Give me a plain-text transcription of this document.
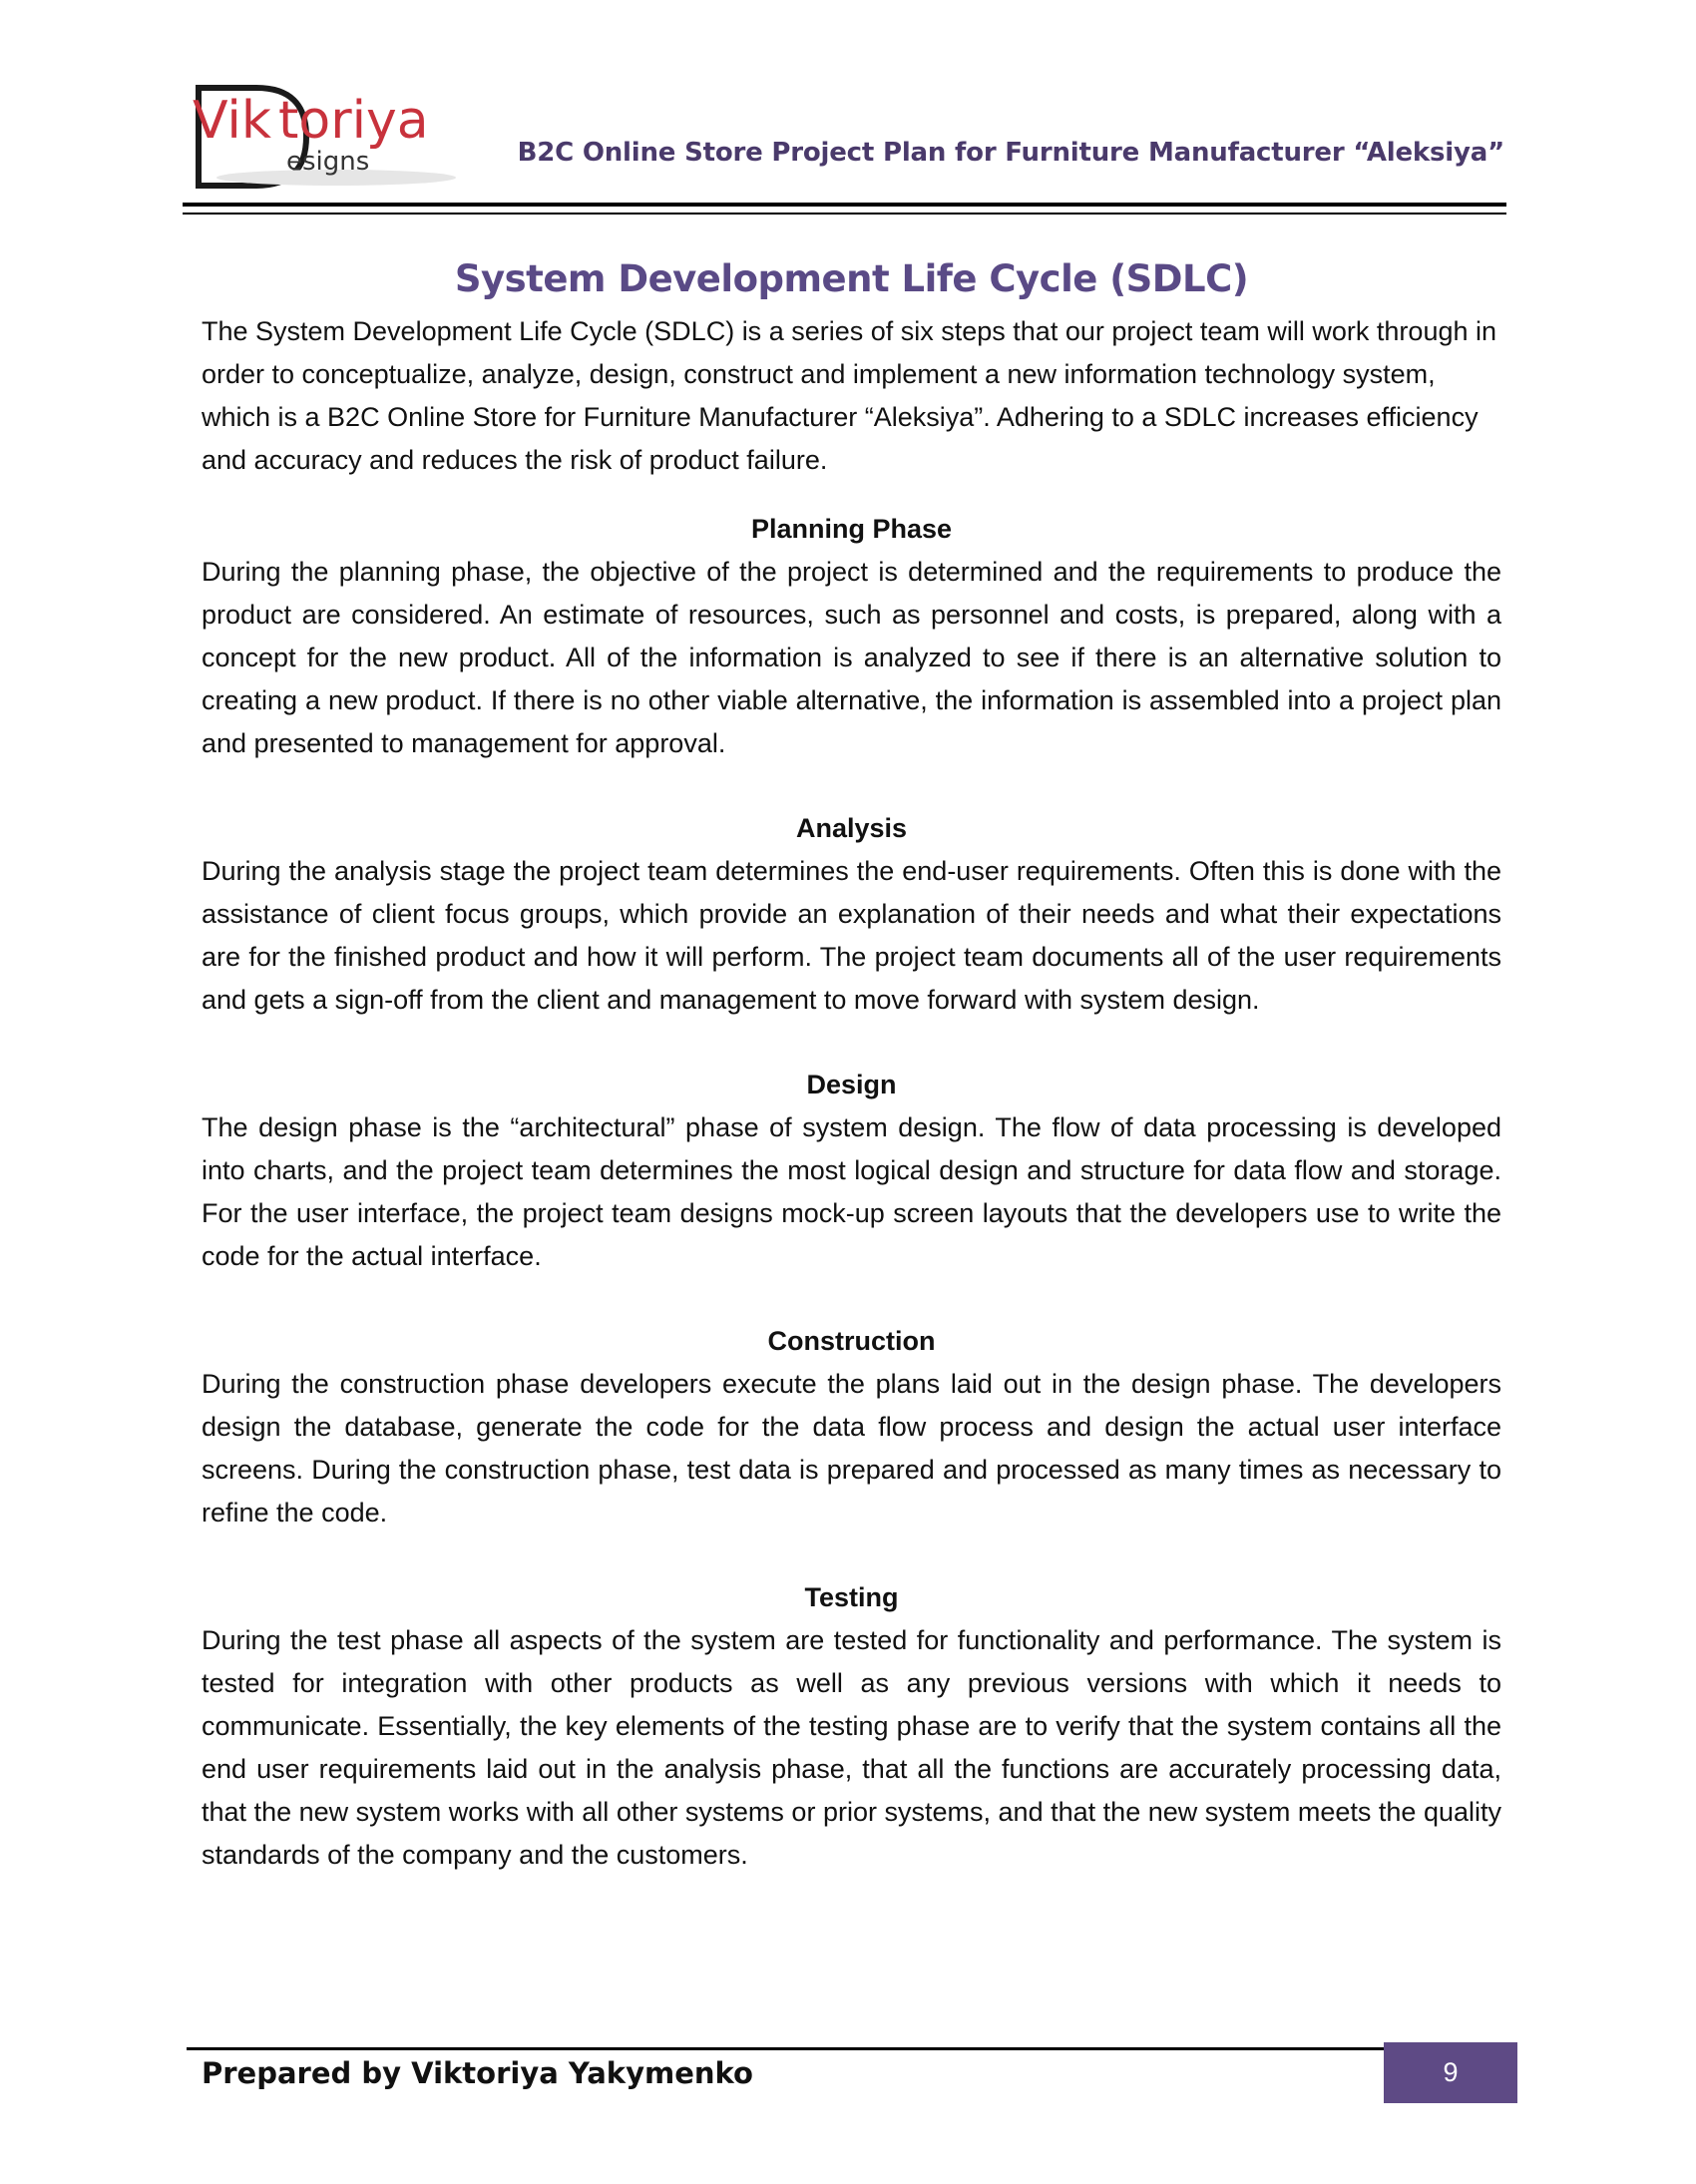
Vik toriya
esigns	B2C Online Store Project Plan for Furniture Manufacturer “Aleksiya”
System Development Life Cycle (SDLC)

The System Development Life Cycle (SDLC) is a series of six steps that our project team will work through in order to conceptualize, analyze, design, construct and implement a new information technology system, which is a B2C Online Store for Furniture Manufacturer “Aleksiya”. Adhering to a SDLC increases efficiency and accuracy and reduces the risk of product failure.

Planning Phase

During the planning phase, the objective of the project is determined and the requirements to produce the product are considered. An estimate of resources, such as personnel and costs, is prepared, along with a concept for the new product. All of the information is analyzed to see if there is an alternative solution to creating a new product. If there is no other viable alternative, the information is assembled into a project plan and presented to management for approval.

Analysis

During the analysis stage the project team determines the end-user requirements. Often this is done with the assistance of client focus groups, which provide an explanation of their needs and what their expectations are for the finished product and how it will perform. The project team documents all of the user requirements and gets a sign-off from the client and management to move forward with system design.

Design

The design phase is the “architectural” phase of system design. The flow of data processing is developed into charts, and the project team determines the most logical design and structure for data flow and storage. For the user interface, the project team designs mock-up screen layouts that the developers use to write the code for the actual interface.

Construction

During the construction phase developers execute the plans laid out in the design phase. The developers design the database, generate the code for the data flow process and design the actual user interface screens. During the construction phase, test data is prepared and processed as many times as necessary to refine the code.

Testing

During the test phase all aspects of the system are tested for functionality and performance. The system is tested for integration with other products as well as any previous versions with which it needs to communicate. Essentially, the key elements of the testing phase are to verify that the system contains all the end user requirements laid out in the analysis phase, that all the functions are accurately processing data, that the new system works with all other systems or prior systems, and that the new system meets the quality standards of the company and the customers.

Prepared by Viktoriya Yakymenko	9
